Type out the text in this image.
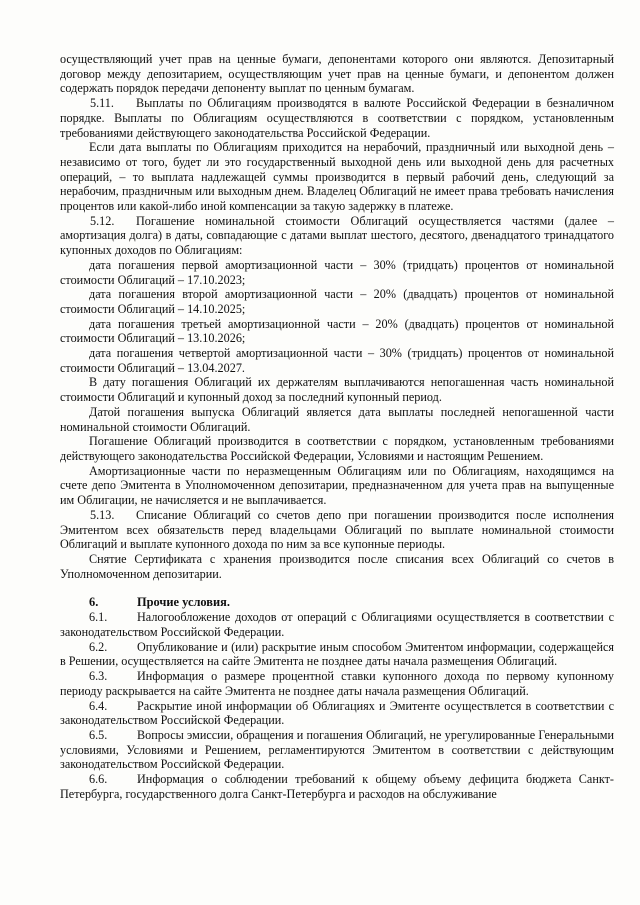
осуществляющий учет прав на ценные бумаги, депонентами которого они являются. Депозитарный договор между депозитарием, осуществляющим учет прав на ценные бумаги, и депонентом должен содержать порядок передачи депоненту выплат по ценным бумагам.

5.11. Выплаты по Облигациям производятся в валюте Российской Федерации в безналичном порядке. Выплаты по Облигациям осуществляются в соответствии с порядком, установленным требованиями действующего законодательства Российской Федерации.

Если дата выплаты по Облигациям приходится на нерабочий, праздничный или выходной день – независимо от того, будет ли это государственный выходной день или выходной день для расчетных операций, – то выплата надлежащей суммы производится в первый рабочий день, следующий за нерабочим, праздничным или выходным днем. Владелец Облигаций не имеет права требовать начисления процентов или какой-либо иной компенсации за такую задержку в платеже.

5.12. Погашение номинальной стоимости Облигаций осуществляется частями (далее – амортизация долга) в даты, совпадающие с датами выплат шестого, десятого, двенадцатого тринадцатого купонных доходов по Облигациям:

дата погашения первой амортизационной части – 30% (тридцать) процентов от номинальной стоимости Облигаций – 17.10.2023;

дата погашения второй амортизационной части – 20% (двадцать) процентов от номинальной стоимости Облигаций – 14.10.2025;

дата погашения третьей амортизационной части – 20% (двадцать) процентов от номинальной стоимости Облигаций – 13.10.2026;

дата погашения четвертой амортизационной части – 30% (тридцать) процентов от номинальной стоимости Облигаций – 13.04.2027.

В дату погашения Облигаций их держателям выплачиваются непогашенная часть номинальной стоимости Облигаций и купонный доход за последний купонный период.

Датой погашения выпуска Облигаций является дата выплаты последней непогашенной части номинальной стоимости Облигаций.

Погашение Облигаций производится в соответствии с порядком, установленным требованиями действующего законодательства Российской Федерации, Условиями и настоящим Решением.

Амортизационные части по неразмещенным Облигациям или по Облигациям, находящимся на счете депо Эмитента в Уполномоченном депозитарии, предназначенном для учета прав на выпущенные им Облигации, не начисляется и не выплачивается.

5.13. Списание Облигаций со счетов депо при погашении производится после исполнения Эмитентом всех обязательств перед владельцами Облигаций по выплате номинальной стоимости Облигаций и выплате купонного дохода по ним за все купонные периоды.

Снятие Сертификата с хранения производится после списания всех Облигаций со счетов в Уполномоченном депозитарии.

6.	Прочие условия.

6.1. Налогообложение доходов от операций с Облигациями осуществляется в соответствии с законодательством Российской Федерации.

6.2. Опубликование и (или) раскрытие иным способом Эмитентом информации, содержащейся в Решении, осуществляется на сайте Эмитента не позднее даты начала размещения Облигаций.

6.3. Информация о размере процентной ставки купонного дохода по первому купонному периоду раскрывается на сайте Эмитента не позднее даты начала размещения Облигаций.

6.4. Раскрытие иной информации об Облигациях и Эмитенте осуществлется в соответствии с законодательством Российской Федерации.

6.5. Вопросы эмиссии, обращения и погашения Облигаций, не урегулированные Генеральными условиями, Условиями и Решением, регламентируются Эмитентом в соответствии с действующим законодательством Российской Федерации.

6.6. Информация о соблюдении требований к общему объему дефицита бюджета Санкт-Петербурга, государственного долга Санкт-Петербурга и расходов на обслуживание
